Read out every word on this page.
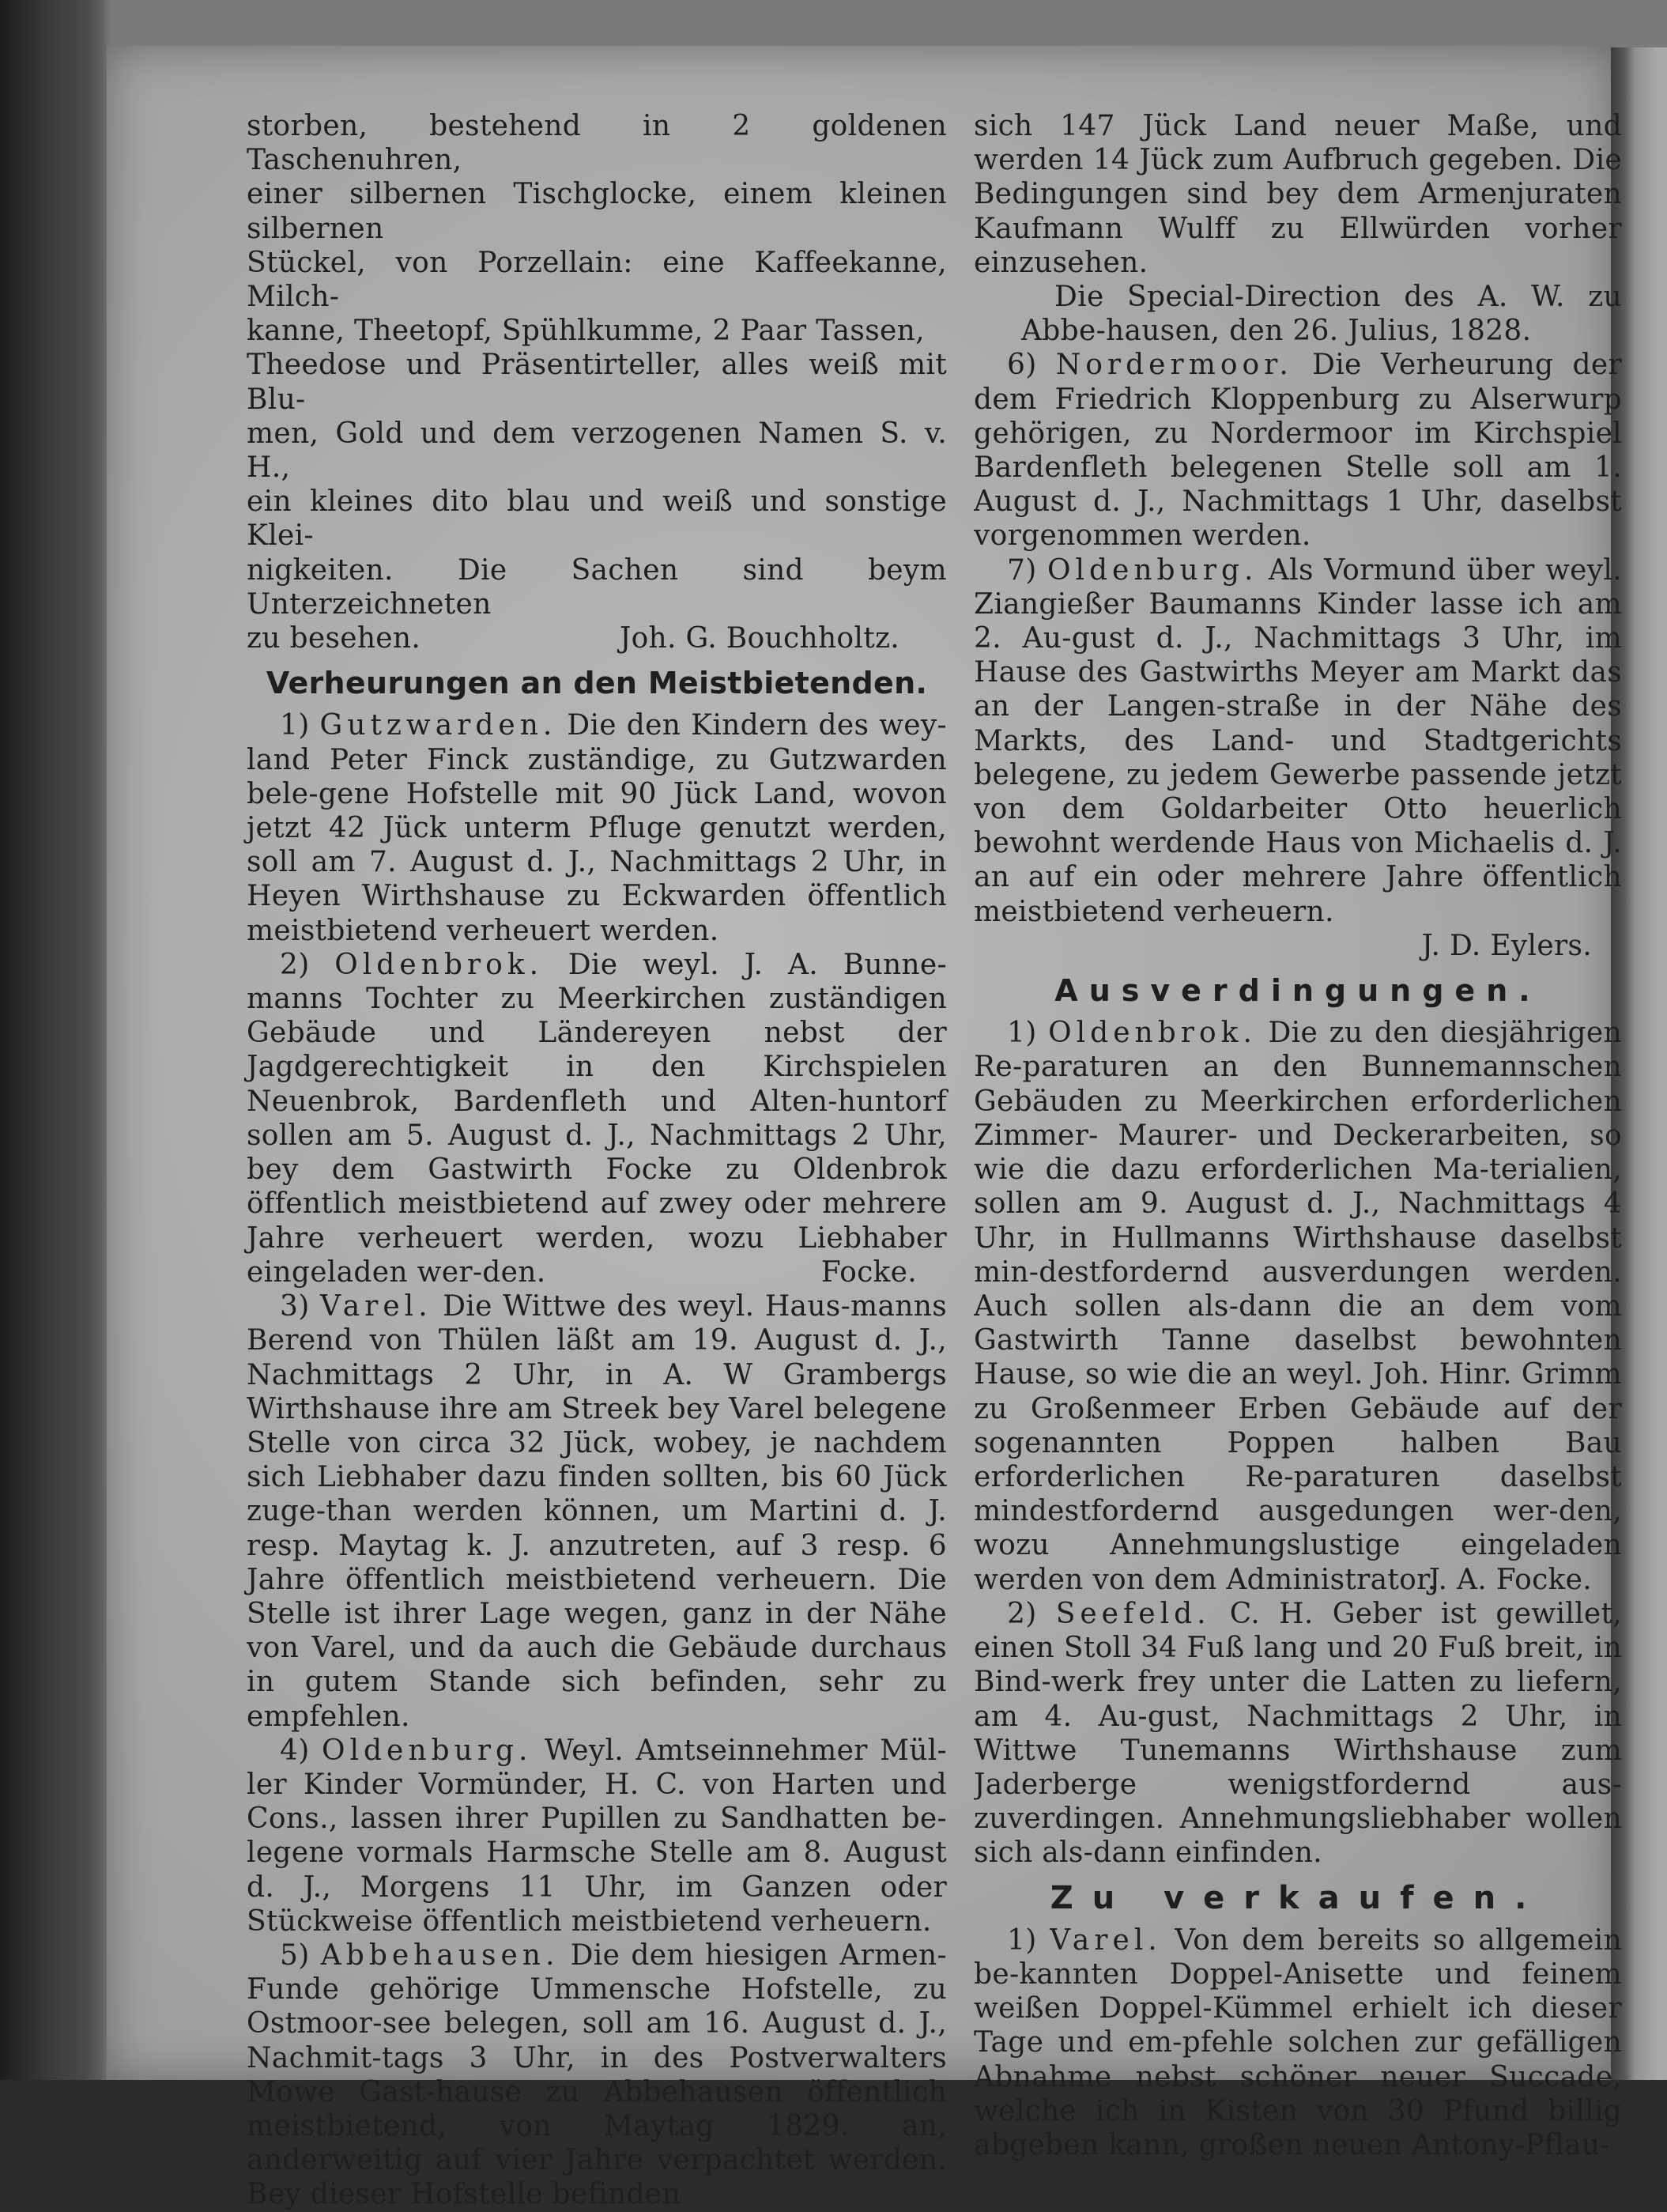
storben, bestehend in 2 goldenen Taschenuhren,

einer silbernen Tischglocke, einem kleinen silbernen

Stückel, von Porzellain: eine Kaffeekanne, Milch-

kanne, Theetopf, Spühlkumme, 2 Paar Tassen,

Theedose und Präsentirteller, alles weiß mit Blu-

men, Gold und dem verzogenen Namen S. v. H.,

ein kleines dito blau und weiß und sonstige Klei-

nigkeiten. Die Sachen sind beym Unterzeichneten

zu besehen.	Joh. G. Bouchholtz.

Verheurungen an den Meistbietenden.

1) Gutzwarden. Die den Kindern des wey-land Peter Finck zuständige, zu Gutzwarden bele-gene Hofstelle mit 90 Jück Land, wovon jetzt 42 Jück unterm Pfluge genutzt werden, soll am 7. August d. J., Nachmittags 2 Uhr, in Heyen Wirthshause zu Eckwarden öffentlich meistbietend verheuert werden.

2) Oldenbrok. Die weyl. J. A. Bunne-manns Tochter zu Meerkirchen zuständigen Gebäude und Ländereyen nebst der Jagdgerechtigkeit in den Kirchspielen Neuenbrok, Bardenfleth und Alten-huntorf sollen am 5. August d. J., Nachmittags 2 Uhr, bey dem Gastwirth Focke zu Oldenbrok öffentlich meistbietend auf zwey oder mehrere Jahre verheuert werden, wozu Liebhaber eingeladen wer-den.	Focke.

3) Varel. Die Wittwe des weyl. Haus-manns Berend von Thülen läßt am 19. August d. J., Nachmittags 2 Uhr, in A. W Grambergs Wirthshause ihre am Streek bey Varel belegene Stelle von circa 32 Jück, wobey, je nachdem sich Liebhaber dazu finden sollten, bis 60 Jück zuge-than werden können, um Martini d. J. resp. Maytag k. J. anzutreten, auf 3 resp. 6 Jahre öffentlich meistbietend verheuern. Die Stelle ist ihrer Lage wegen, ganz in der Nähe von Varel, und da auch die Gebäude durchaus in gutem Stande sich befinden, sehr zu empfehlen.

4) Oldenburg. Weyl. Amtseinnehmer Mül-ler Kinder Vormünder, H. C. von Harten und Cons., lassen ihrer Pupillen zu Sandhatten be-legene vormals Harmsche Stelle am 8. August d. J., Morgens 11 Uhr, im Ganzen oder Stückweise öffentlich meistbietend verheuern.

5) Abbehausen. Die dem hiesigen Armen-Funde gehörige Ummensche Hofstelle, zu Ostmoor-see belegen, soll am 16. August d. J., Nachmit-tags 3 Uhr, in des Postverwalters Mowe Gast-hause zu Abbehausen öffentlich meistbietend, von Maytag 1829. an, anderweitig auf vier Jahre verpachtet werden. Bey dieser Hofstelle befinden

sich 147 Jück Land neuer Maße, und werden 14 Jück zum Aufbruch gegeben. Die Bedingungen sind bey dem Armenjuraten Kaufmann Wulff zu Ellwürden vorher einzusehen.

Die Special-Direction des A. W. zu Abbe-hausen, den 26. Julius, 1828.

6) Nordermoor. Die Verheurung der dem Friedrich Kloppenburg zu Alserwurp gehörigen, zu Nordermoor im Kirchspiel Bardenfleth belegenen Stelle soll am 1. August d. J., Nachmittags 1 Uhr, daselbst vorgenommen werden.

7) Oldenburg. Als Vormund über weyl. Ziangießer Baumanns Kinder lasse ich am 2. Au-gust d. J., Nachmittags 3 Uhr, im Hause des Gastwirths Meyer am Markt das an der Langen-straße in der Nähe des Markts, des Land- und Stadtgerichts belegene, zu jedem Gewerbe passende jetzt von dem Goldarbeiter Otto heuerlich bewohnt werdende Haus von Michaelis d. J. an auf ein oder mehrere Jahre öffentlich meistbietend verheuern.

J. D. Eylers.

Ausverdingungen.

1) Oldenbrok. Die zu den diesjährigen Re-paraturen an den Bunnemannschen Gebäuden zu Meerkirchen erforderlichen Zimmer- Maurer- und Deckerarbeiten, so wie die dazu erforderlichen Ma-terialien, sollen am 9. August d. J., Nachmittags 4 Uhr, in Hullmanns Wirthshause daselbst min-destfordernd ausverdungen werden. Auch sollen als-dann die an dem vom Gastwirth Tanne daselbst bewohnten Hause, so wie die an weyl. Joh. Hinr. Grimm zu Großenmeer Erben Gebäude auf der sogenannten Poppen halben Bau erforderlichen Re-paraturen daselbst mindestfordernd ausgedungen wer-den, wozu Annehmungslustige eingeladen werden von dem Administrator.

J. A. Focke.

2) Seefeld. C. H. Geber ist gewillet, einen Stoll 34 Fuß lang und 20 Fuß breit, in Bind-werk frey unter die Latten zu liefern, am 4. Au-gust, Nachmittags 2 Uhr, in Wittwe Tunemanns Wirthshause zum Jaderberge wenigstfordernd aus-zuverdingen. Annehmungsliebhaber wollen sich als-dann einfinden.

Zu verkaufen.

1) Varel. Von dem bereits so allgemein be-kannten Doppel-Anisette und feinem weißen Doppel-Kümmel erhielt ich dieser Tage und em-pfehle solchen zur gefälligen Abnahme nebst schöner neuer Succade, welche ich in Kisten von 30 Pfund billig abgeben kann, großen neuen Antony-Pflau-
